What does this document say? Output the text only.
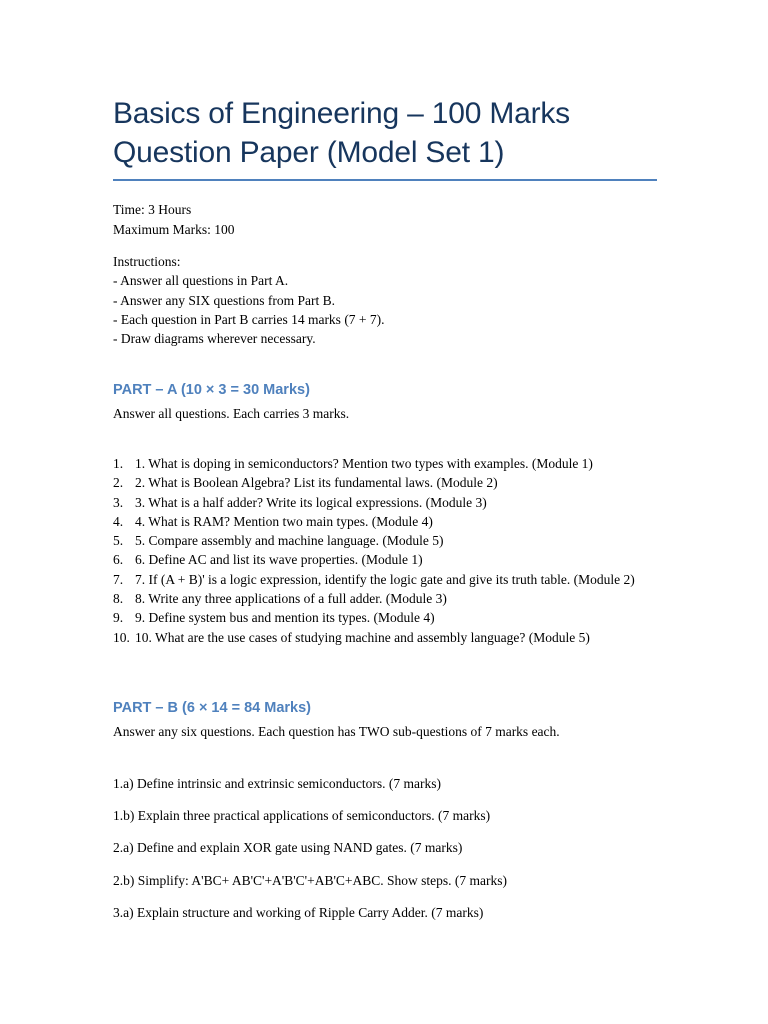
Basics of Engineering – 100 Marks
Question Paper (Model Set 1)
Time: 3 Hours
Maximum Marks: 100
Instructions:
- Answer all questions in Part A.
- Answer any SIX questions from Part B.
- Each question in Part B carries 14 marks (7 + 7).
- Draw diagrams wherever necessary.
PART – A (10 × 3 = 30 Marks)
Answer all questions. Each carries 3 marks.
1. 1. What is doping in semiconductors? Mention two types with examples. (Module 1)
2. 2. What is Boolean Algebra? List its fundamental laws. (Module 2)
3. 3. What is a half adder? Write its logical expressions. (Module 3)
4. 4. What is RAM? Mention two main types. (Module 4)
5. 5. Compare assembly and machine language. (Module 5)
6. 6. Define AC and list its wave properties. (Module 1)
7. 7. If (A + B)' is a logic expression, identify the logic gate and give its truth table. (Module 2)
8. 8. Write any three applications of a full adder. (Module 3)
9. 9. Define system bus and mention its types. (Module 4)
10. 10. What are the use cases of studying machine and assembly language? (Module 5)
PART – B (6 × 14 = 84 Marks)
Answer any six questions. Each question has TWO sub-questions of 7 marks each.
1.a) Define intrinsic and extrinsic semiconductors. (7 marks)
1.b) Explain three practical applications of semiconductors. (7 marks)
2.a) Define and explain XOR gate using NAND gates. (7 marks)
2.b) Simplify: A'BC+ AB'C'+A'B'C'+AB'C+ABC. Show steps. (7 marks)
3.a) Explain structure and working of Ripple Carry Adder. (7 marks)
